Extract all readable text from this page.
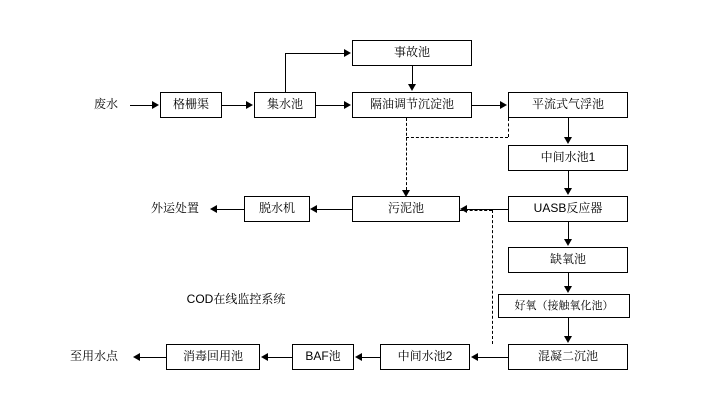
废水	格栅渠	集水池
事故池
隔油调节沉淀池	平流式气浮池
中间水池1
UASB反应器
缺氧池
好氧（接触氧化池）
混凝二沉池
污泥池
脱水机
外运处置
中间水池2
BAF池
消毒回用池
至用水点
COD在线监控系统
